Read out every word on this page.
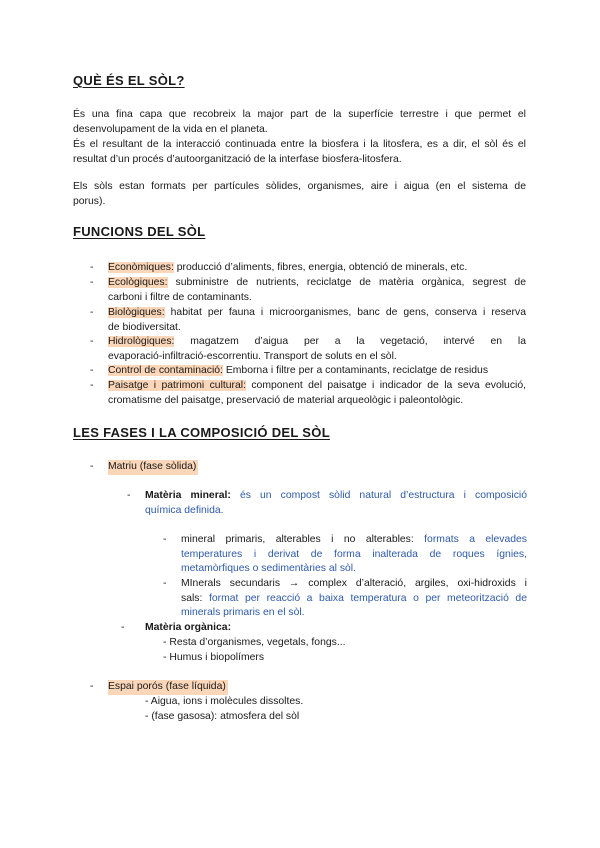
QUÈ ÉS EL SÒL?
És una fina capa que recobreix la major part de la superfície terrestre i que permet el
desenvolupament de la vida en el planeta.
És el resultant de la interacció continuada entre la biosfera i la litosfera, es a dir, el sòl és el
resultat d’un procés d’autoorganització de la interfase biosfera-litosfera.
Els sòls estan formats per partícules sòlides, organismes, aire i aigua (en el sistema de
porus).
FUNCIONS DEL SÒL
- Econòmiques: producció d’aliments, fibres, energia, obtenció de minerals, etc.
- Ecològiques: subministre de nutrients, reciclatge de matèria orgànica, segrest de
carboni i filtre de contaminants.
- Biològiques: habitat per fauna i microorganismes, banc de gens, conserva i reserva
de biodiversitat.
- Hidrològiques: magatzem d’aigua per a la vegetació, intervé en la
evaporació-infiltració-escorrentiu. Transport de soluts en el sòl.
- Control de contaminació: Emborna i filtre per a contaminants, reciclatge de residus
- Paisatge i patrimoni cultural: component del paisatge i indicador de la seva evolució,
cromatisme del paisatge, preservació de material arqueològic i paleontològic.
LES FASES I LA COMPOSICIÓ DEL SÒL
- Matriu (fase sòlida)
- Matèria mineral: és un compost sòlid natural d’estructura i composició
química definida.
- mineral primaris, alterables i no alterables: formats a elevades
temperatures i derivat de forma inalterada de roques ígnies,
metamòrfiques o sedimentàries al sòl.
- MInerals secundaris → complex d’alteració, argiles, oxi-hidroxids i
sals: format per reacció a baixa temperatura o per meteorització de
minerals primaris en el sòl.
- Matèria orgànica:
- Resta d’organismes, vegetals, fongs...
- Humus i biopolímers
- Espai porós (fase líquida)
- Aigua, ions i molècules dissoltes.
- (fase gasosa): atmosfera del sòl
